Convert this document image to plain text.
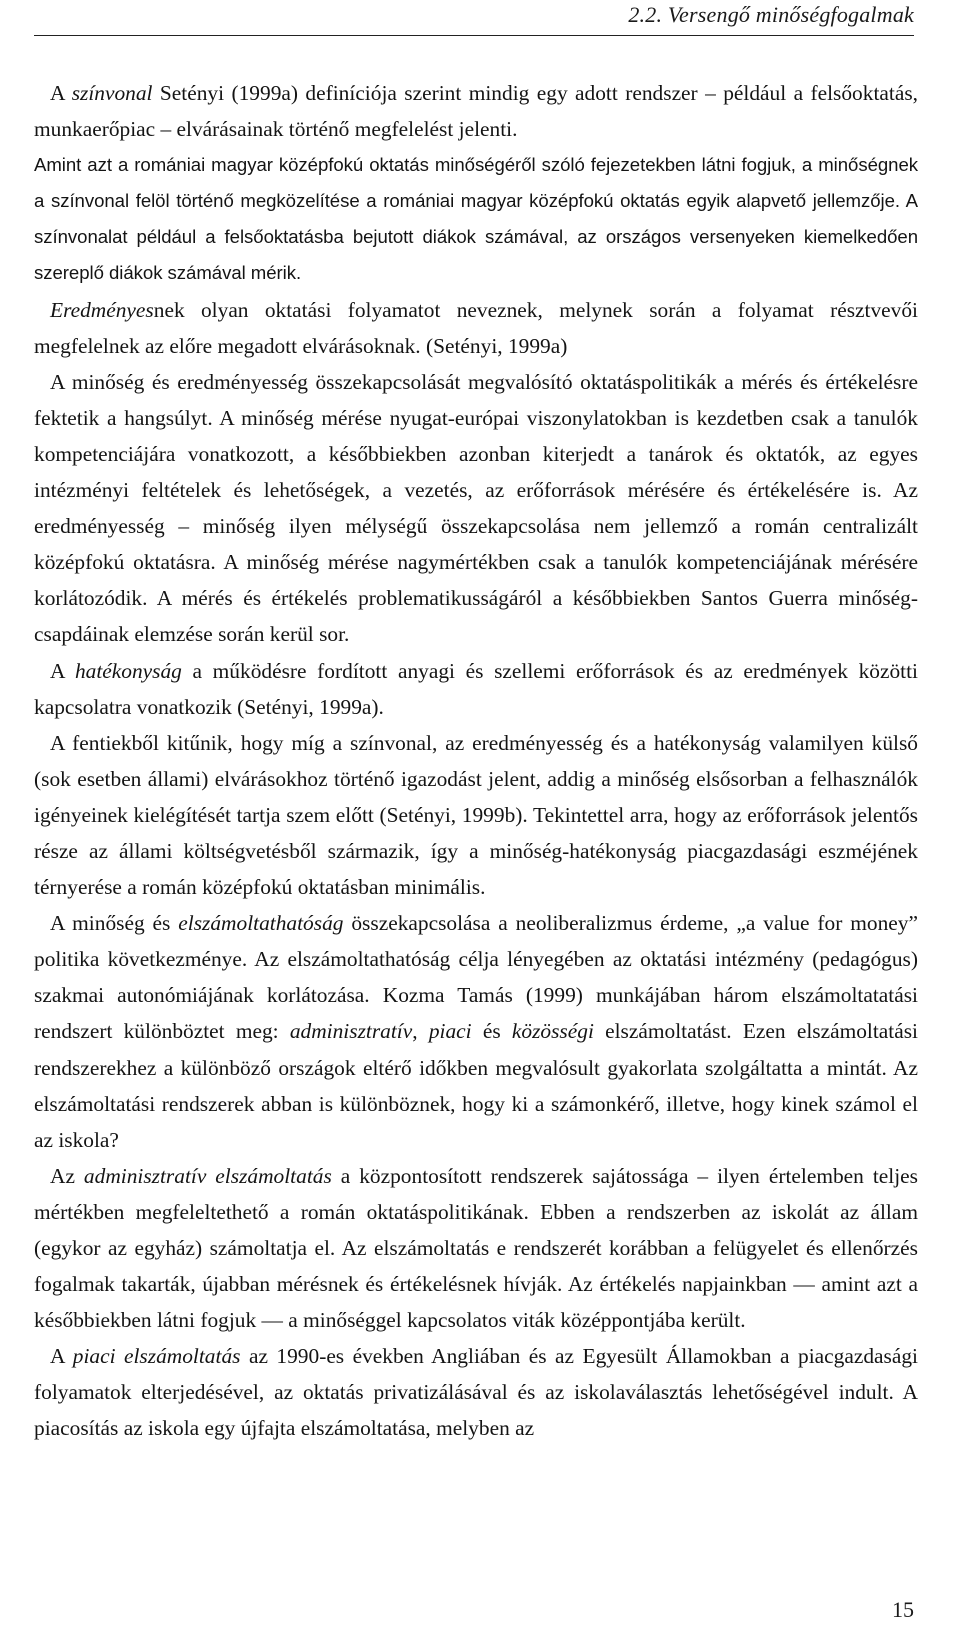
2.2. Versengő minőségfogalmak

A színvonal Setényi (1999a) definíciója szerint mindig egy adott rendszer – például a felsőoktatás, munkaerőpiac – elvárásainak történő megfelelést jelenti.

Amint azt a romániai magyar középfokú oktatás minőségéről szóló fejezetekben látni fogjuk, a minőségnek a színvonal felöl történő megközelítése a romániai magyar középfokú oktatás egyik alapvető jellemzője. A színvonalat például a felsőoktatásba bejutott diákok számával, az országos versenyeken kiemelkedően szereplő diákok számával mérik.

Eredményesnek olyan oktatási folyamatot neveznek, melynek során a folyamat résztvevői megfelelnek az előre megadott elvárásoknak. (Setényi, 1999a)

A minőség és eredményesség összekapcsolását megvalósító oktatáspolitikák a mérés és értékelésre fektetik a hangsúlyt. A minőség mérése nyugat-európai viszonylatokban is kezdetben csak a tanulók kompetenciájára vonatkozott, a későbbiekben azonban kiterjedt a tanárok és oktatók, az egyes intézményi feltételek és lehetőségek, a vezetés, az erőforrások mérésére és értékelésére is. Az eredményesség – minőség ilyen mélységű összekapcsolása nem jellemző a román centralizált középfokú oktatásra. A minőség mérése nagymértékben csak a tanulók kompetenciájának mérésére korlátozódik. A mérés és értékelés problematikusságáról a későbbiekben Santos Guerra minőség-csapdáinak elemzése során kerül sor.

A hatékonyság a működésre fordított anyagi és szellemi erőforrások és az eredmények közötti kapcsolatra vonatkozik (Setényi, 1999a).

A fentiekből kitűnik, hogy míg a színvonal, az eredményesség és a hatékonyság valamilyen külső (sok esetben állami) elvárásokhoz történő igazodást jelent, addig a minőség elsősorban a felhasználók igényeinek kielégítését tartja szem előtt (Setényi, 1999b). Tekintettel arra, hogy az erőforrások jelentős része az állami költségvetésből származik, így a minőség-hatékonyság piacgazdasági eszméjének térnyerése a román középfokú oktatásban minimális.

A minőség és elszámoltathatóság összekapcsolása a neoliberalizmus érdeme, „a value for money” politika következménye. Az elszámoltathatóság célja lényegében az oktatási intézmény (pedagógus) szakmai autonómiájának korlátozása. Kozma Tamás (1999) munkájában három elszámoltatatási rendszert különböztet meg: adminisztratív, piaci és közösségi elszámoltatást. Ezen elszámoltatási rendszerekhez a különböző országok eltérő időkben megvalósult gyakorlata szolgáltatta a mintát. Az elszámoltatási rendszerek abban is különböznek, hogy ki a számonkérő, illetve, hogy kinek számol el az iskola?

Az adminisztratív elszámoltatás a központosított rendszerek sajátossága – ilyen értelemben teljes mértékben megfeleltethető a román oktatáspolitikának. Ebben a rendszerben az iskolát az állam (egykor az egyház) számoltatja el. Az elszámoltatás e rendszerét korábban a felügyelet és ellenőrzés fogalmak takarták, újabban mérésnek és értékelésnek hívják. Az értékelés napjainkban — amint azt a későbbiekben látni fogjuk — a minőséggel kapcsolatos viták középpontjába került.

A piaci elszámoltatás az 1990-es években Angliában és az Egyesült Államokban a piacgazdasági folyamatok elterjedésével, az oktatás privatizálásával és az iskolaválasztás lehetőségével indult. A piacosítás az iskola egy újfajta elszámoltatása, melyben az

15
